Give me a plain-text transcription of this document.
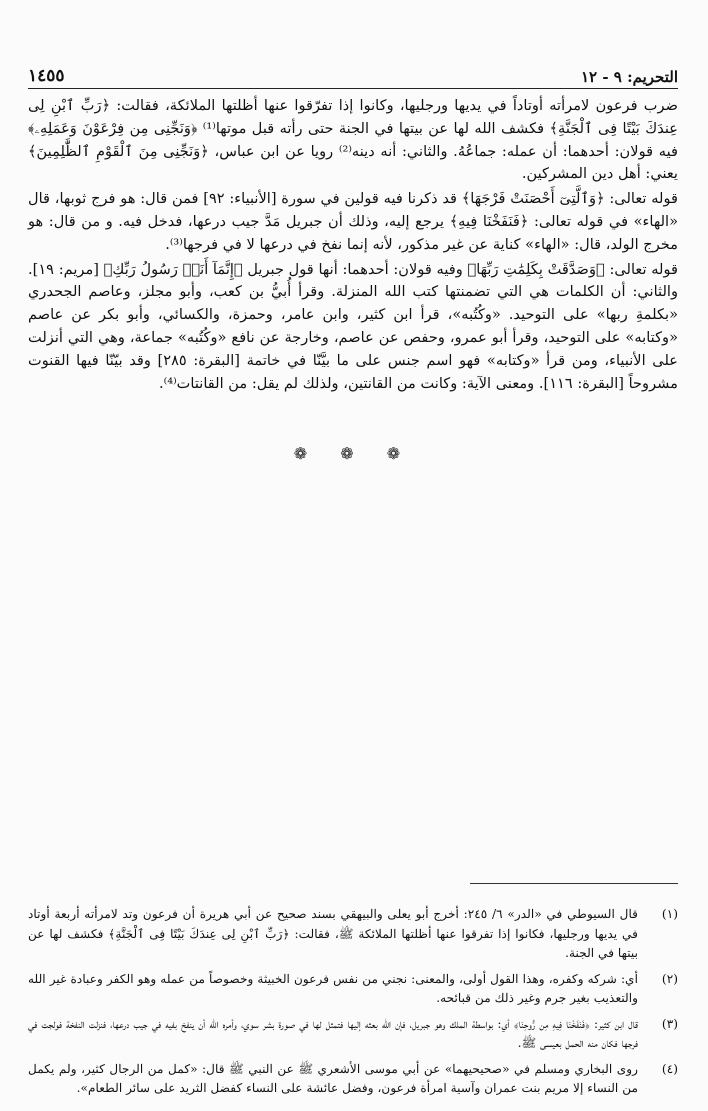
التحريم: ٩ - ١٢
١٤٥٥

ضرب فرعون لامرأته أوتاداً في يديها ورجليها، وكانوا إذا تفرّقوا عنها أظلتها الملائكة، فقالت: ﴿رَبِّ ٱبْنِ لِى عِندَكَ بَيْتًا فِى ٱلْجَنَّةِ﴾ فكشف الله لها عن بيتها في الجنة حتى رأته قبل موتها⁽¹⁾ ﴿وَنَجِّنِى مِن فِرْعَوْنَ وَعَمَلِهِۦ﴾ فيه قولان: أحدهما: أن عمله: جماعُهُ. والثاني: أنه دينه⁽²⁾ رويا عن ابن عباس، ﴿وَنَجِّنِى مِنَ ٱلْقَوْمِ ٱلظَّٰلِمِينَ﴾ يعني: أهل دين المشركين.

قوله تعالى: ﴿وَٱلَّتِىٓ أَحْصَنَتْ فَرْجَهَا﴾ قد ذكرنا فيه قولين في سورة [الأنبياء: ٩٢] فمن قال: هو فرج ثوبها، قال «الهاء» في قوله تعالى: ﴿فَنَفَخْنَا فِيهِ﴾ يرجع إليه، وذلك أن جبريل مَدَّ جيب درعها، فدخل فيه. و من قال: هو مخرج الولد، قال: «الهاء» كناية عن غير مذكور، لأنه إنما نفخ في درعها لا في فرجها⁽³⁾.

قوله تعالى: ﴿وَصَدَّقَتْ بِكَلِمَٰتِ رَبِّهَا﴾ وفيه قولان: أحدهما: أنها قول جبريل ﴿إِنَّمَآ أَنَا۠ رَسُولُ رَبِّكِ﴾ [مريم: ١٩]. والثاني: أن الكلمات هي التي تضمنتها كتب الله المنزلة. وقرأ أُبيُّ بن كعب، وأبو مجلز، وعاصم الجحدري «بكلمةِ ربها» على التوحيد. «وكُتُبه»، قرأ ابن كثير، وابن عامر، وحمزة، والكسائي، وأبو بكر عن عاصم «وكتابه» على التوحيد، وقرأ أبو عمرو، وحفص عن عاصم، وخارجة عن نافع «وكُتُبه» جماعة، وهي التي أنزلت على الأنبياء، ومن قرأ «وكتابه» فهو اسم جنس على ما بيَّنّا في خاتمة [البقرة: ٢٨٥] وقد بيّنّا فيها القنوت مشروحاً [البقرة: ١١٦]. ومعنى الآية: وكانت من القانتين، ولذلك لم يقل: من القانتات⁽⁴⁾.

❁ ❁ ❁
(١)
قال السيوطي في «الدر» ٦/ ٢٤٥: أخرج أبو يعلى والبيهقي بسند صحيح عن أبي هريرة أن فرعون وتد لامرأته أربعة أوتاد في يديها ورجليها، فكانوا إذا تفرقوا عنها أظلتها الملائكة ﷺ، فقالت: ﴿رَبِّ ٱبْنِ لِى عِندَكَ بَيْتًا فِى ٱلْجَنَّةِ﴾ فكشف لها عن بيتها في الجنة.
(٢)
أي: شركه وكفره، وهذا القول أولى، والمعنى: نجني من نفس فرعون الخبيثة وخصوصاً من عمله وهو الكفر وعبادة غير الله والتعذيب بغير جرم وغير ذلك من قبائحه.
(٣)
قال ابن كثير: ﴿فَنَفَخْنَا فِيهِ مِن رُّوحِنَا﴾ أي: بواسطة الملك وهو جبريل، فإن الله بعثه إليها فتمثل لها في صورة بشر سوي، وأمره الله أن ينفخ بفيه في جيب درعها، فنزلت النفخة فولجت في فرجها فكان منه الحمل بعيسى ﷺ.
(٤)
روى البخاري ومسلم في «صحيحيهما» عن أبي موسى الأشعري ﷺ عن النبي ﷺ قال: «كمل من الرجال كثير، ولم يكمل من النساء إلا مريم بنت عمران وآسية امرأة فرعون، وفضل عائشة على النساء كفضل الثريد على سائر الطعام».
